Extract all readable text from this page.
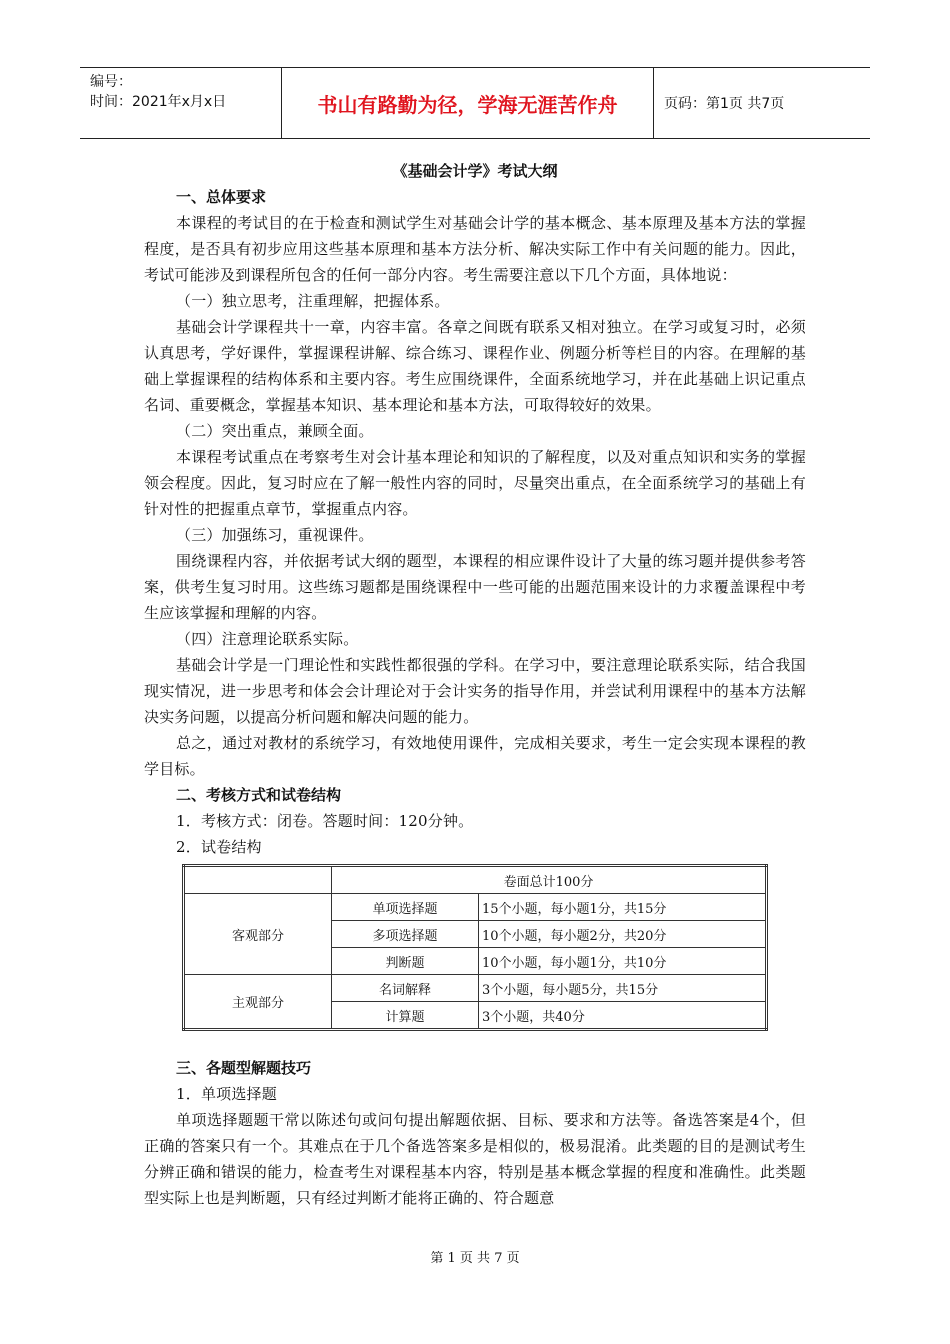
编号：
时间：2021年x月x日	书山有路勤为径，学海无涯苦作舟	页码：第1页 共7页
《基础会计学》考试大纲
一、总体要求

本课程的考试目的在于检查和测试学生对基础会计学的基本概念、基本原理及基本方法的掌握程度，是否具有初步应用这些基本原理和基本方法分析、解决实际工作中有关问题的能力。因此，考试可能涉及到课程所包含的任何一部分内容。考生需要注意以下几个方面，具体地说：

（一）独立思考，注重理解，把握体系。

基础会计学课程共十一章，内容丰富。各章之间既有联系又相对独立。在学习或复习时，必须认真思考，学好课件，掌握课程讲解、综合练习、课程作业、例题分析等栏目的内容。在理解的基础上掌握课程的结构体系和主要内容。考生应围绕课件，全面系统地学习，并在此基础上识记重点名词、重要概念，掌握基本知识、基本理论和基本方法，可取得较好的效果。

（二）突出重点，兼顾全面。

本课程考试重点在考察考生对会计基本理论和知识的了解程度，以及对重点知识和实务的掌握领会程度。因此，复习时应在了解一般性内容的同时，尽量突出重点，在全面系统学习的基础上有针对性的把握重点章节，掌握重点内容。

（三）加强练习，重视课件。

围绕课程内容，并依据考试大纲的题型，本课程的相应课件设计了大量的练习题并提供参考答案，供考生复习时用。这些练习题都是围绕课程中一些可能的出题范围来设计的力求覆盖课程中考生应该掌握和理解的内容。

（四）注意理论联系实际。

基础会计学是一门理论性和实践性都很强的学科。在学习中，要注意理论联系实际，结合我国现实情况，进一步思考和体会会计理论对于会计实务的指导作用，并尝试利用课程中的基本方法解决实务问题，以提高分析问题和解决问题的能力。

总之，通过对教材的系统学习，有效地使用课件，完成相关要求，考生一定会实现本课程的教学目标。

二、考核方式和试卷结构

1．考核方式：闭卷。答题时间：120分钟。

2．试卷结构

	卷面总计100分	
客观部分	单项选择题	15个小题，每小题1分，共15分
	多项选择题	10个小题，每小题2分，共20分
	判断题	10个小题，每小题1分，共10分
主观部分	名词解释	3个小题，每小题5分，共15分
	计算题	3个小题，共40分
三、各题型解题技巧

1．单项选择题

单项选择题题干常以陈述句或问句提出解题依据、目标、要求和方法等。备选答案是4个，但正确的答案只有一个。其难点在于几个备选答案多是相似的，极易混淆。此类题的目的是测试考生分辨正确和错误的能力，检查考生对课程基本内容，特别是基本概念掌握的程度和准确性。此类题型实际上也是判断题，只有经过判断才能将正确的、符合题意

第 1 页 共 7 页
